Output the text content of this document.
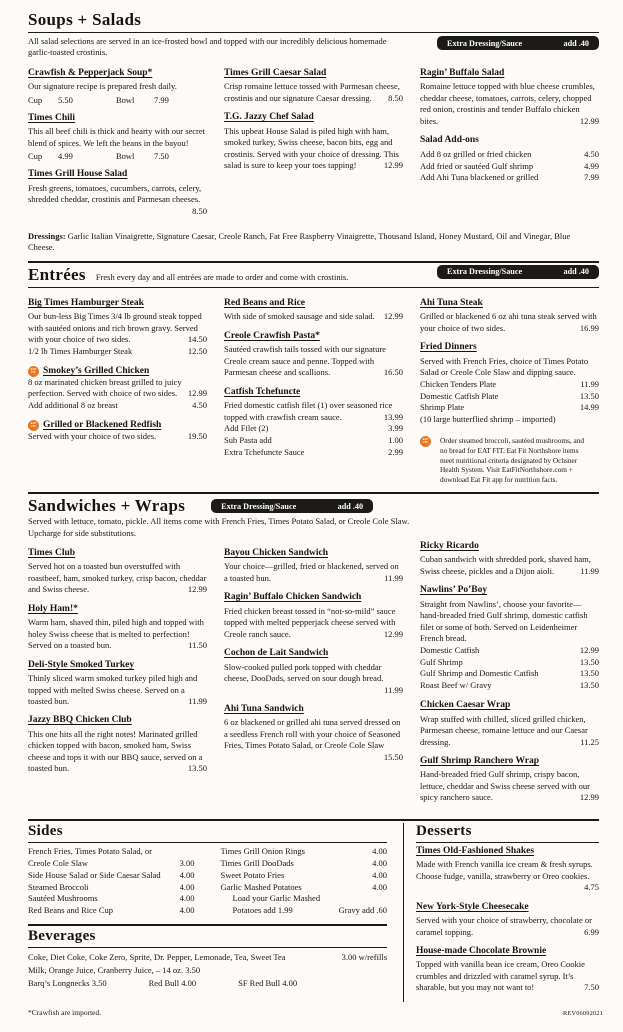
Soups + Salads

All salad selections are served in an ice-frosted bowl and topped with our incredibly delicious homemade garlic-toasted crostinis.

Extra Dressing/Sauce	add .40
Crawfish & Pepperjack Soup*

Our signature recipe is prepared fresh daily.

Cup	5.50	Bowl	7.99
Times Chili

This all beef chili is thick and hearty with our secret blend of spices. We left the beans in the bayou!

Cup	4.99	Bowl	7.50
Times Grill House Salad

Fresh greens, tomatoes, cucumbers, carrots, celery, shredded cheddar, crostinis and Parmesan cheeses.
8.50

Times Grill Caesar Salad

Crisp romaine lettuce tossed with Parmesan cheese, crostinis and our signature Caesar dressing.	8.50

T.G. Jazzy Chef Salad

This upbeat House Salad is piled high with ham, smoked turkey, Swiss cheese, bacon bits, egg and crostinis. Served with your choice of dressing. This salad is sure to keep your toes tapping!	12.99

Ragin’ Buffalo Salad

Romaine lettuce topped with blue cheese crumbles, cheddar cheese, tomatoes, carrots, celery, chopped red onion, crostinis and tender Buffalo chicken bites.	12.99

Salad Add-ons
Add 8 oz grilled or fried chicken	4.50
Add fried or sautéed Gulf shrimp	4.99
Add Ahi Tuna blackened or grilled	7.99

Dressings: Garlic Italian Vinaigrette, Signature Caesar, Creole Ranch, Fat Free Raspberry Vinaigrette, Thousand Island, Honey Mustard, Oil and Vinegar, Blue Cheese.

Entrées Fresh every day and all entrées are made to order and come with crostinis.	Extra Dressing/Sauce	add .40
Big Times Hamburger Steak

Our bun-less Big Times 3/4 lb ground steak topped with sautéed onions and rich brown gravy. Served with your choice of two sides.	14.50

1/2 lb Times Hamburger Steak	12.50
EAT FIT Smokey’s Grilled Chicken

8 oz marinated chicken breast grilled to juicy perfection. Served with choice of two sides.	12.99

Add additional 8 oz breast	4.50
EAT FIT Grilled or Blackened Redfish

Served with your choice of two sides.	19.50

Red Beans and Rice

With side of smoked sausage and side salad.	12.99

Creole Crawfish Pasta*

Sautéed crawfish tails tossed with our signature Creole cream sauce and penne. Topped with Parmesan cheese and scallions.	16.50

Catfish Tchefuncte

Fried domestic catfish filet (1) over seasoned rice topped with crawfish cream sauce.	13.99

Add Filet (2)	3.99
Sub Pasta add	1.00
Extra Tchefuncte Sauce	2.99
Ahi Tuna Steak

Grilled or blackened 6 oz ahi tuna steak served with your choice of two sides.	16.99

Fried Dinners

Served with French Fries, choice of Times Potato Salad or Creole Cole Slaw and dipping sauce.

Chicken Tenders Plate	11.99
Domestic Catfish Plate	13.50
Shrimp Plate	14.99

(10 large butterflied shrimp – imported)

EAT FIT	Order steamed broccoli, sautéed mushrooms, and no bread for EAT FIT. Eat Fit Northshore items meet nutritional criteria designated by Ochsner Health System. Visit EatFitNorthshore.com + download Eat Fit app for nutrition facts.
Sandwiches + Wraps	Extra Dressing/Sauce	add .40

Served with lettuce, tomato, pickle. All items come with French Fries, Times Potato Salad, or Creole Cole Slaw. Upcharge for side substitutions.

Times Club

Served hot on a toasted bun overstuffed with roastbeef, ham, smoked turkey, crisp bacon, cheddar and Swiss cheese.	12.99

Holy Ham!*

Warm ham, shaved thin, piled high and topped with holey Swiss cheese that is melted to perfection! Served on a toasted bun.	11.50

Deli-Style Smoked Turkey

Thinly sliced warm smoked turkey piled high and topped with melted Swiss cheese. Served on a toasted bun.	11.99

Jazzy BBQ Chicken Club

This one hits all the right notes! Marinated grilled chicken topped with bacon, smoked ham, Swiss cheese and tops it with our BBQ sauce, served on a toasted bun.	13.50

Bayou Chicken Sandwich

Your choice—grilled, fried or blackened, served on a toasted bun.	11.99

Ragin’ Buffalo Chicken Sandwich

Fried chicken breast tossed in “not-so-mild” sauce topped with melted pepperjack cheese served with Creole ranch sauce.	12.99

Cochon de Lait Sandwich

Slow-cooked pulled pork topped with cheddar cheese, DooDads, served on sour dough bread.
11.99

Ahi Tuna Sandwich

6 oz blackened or grilled ahi tuna served dressed on a seedless French roll with your choice of Seasoned Fries, Times Potato Salad, or Creole Cole Slaw
15.50

Ricky Ricardo

Cuban sandwich with shredded pork, shaved ham, Swiss cheese, pickles and a Dijon aioli.	11.99

Nawlins’ Po’Boy

Straight from Nawlins’, choose your favorite— hand-breaded fried Gulf shrimp, domestic catfish filet or some of both. Served on Leidenheimer French bread.

Domestic Catfish	12.99
Gulf Shrimp	13.50
Gulf Shrimp and Domestic Catfish	13.50
Roast Beef w/ Gravy	13.50
Chicken Caesar Wrap

Wrap stuffed with chilled, sliced grilled chicken, Parmesan cheese, romaine lettuce and our Caesar dressing.	11.25

Gulf Shrimp Ranchero Wrap

Hand-breaded fried Gulf shrimp, crispy bacon, lettuce, cheddar and Swiss cheese served with our spicy ranchero sauce.	12.99

Sides
French Fries, Times Potato Salad, or Creole Cole Slaw	3.00
Side House Salad or Side Caesar Salad 4.00
Steamed Broccoli	4.00
Sautéed Mushrooms	4.00
Red Beans and Rice Cup	4.00
Times Grill Onion Rings	4.00
Times Grill DooDads	4.00
Sweet Potato Fries	4.00
Garlic Mashed Potatoes	4.00
Load your Garlic Mashed
Potatoes add 1.99	Gravy add .60
Beverages
Coke, Diet Coke, Coke Zero, Sprite, Dr. Pepper, Lemonade, Tea, Sweet Tea	3.00 w/refills
Milk, Orange Juice, Cranberry Juice, – 14 oz. 3.50
Barq’s Longnecks 3.50	Red Bull 4.00	SF Red Bull 4.00
Desserts
Times Old-Fashioned Shakes

Made with French vanilla ice cream & fresh syrups. Choose fudge, vanilla, strawberry or Oreo cookies.
4.75

New York-Style Cheesecake

Served with your choice of strawberry, chocolate or caramel topping.	6.99

House-made Chocolate Brownie

Topped with vanilla bean ice cream, Oreo Cookie crumbles and drizzled with caramel syrup. It’s sharable, but you may not want to!	7.50

*Crawfish are imported.	REV06092021
